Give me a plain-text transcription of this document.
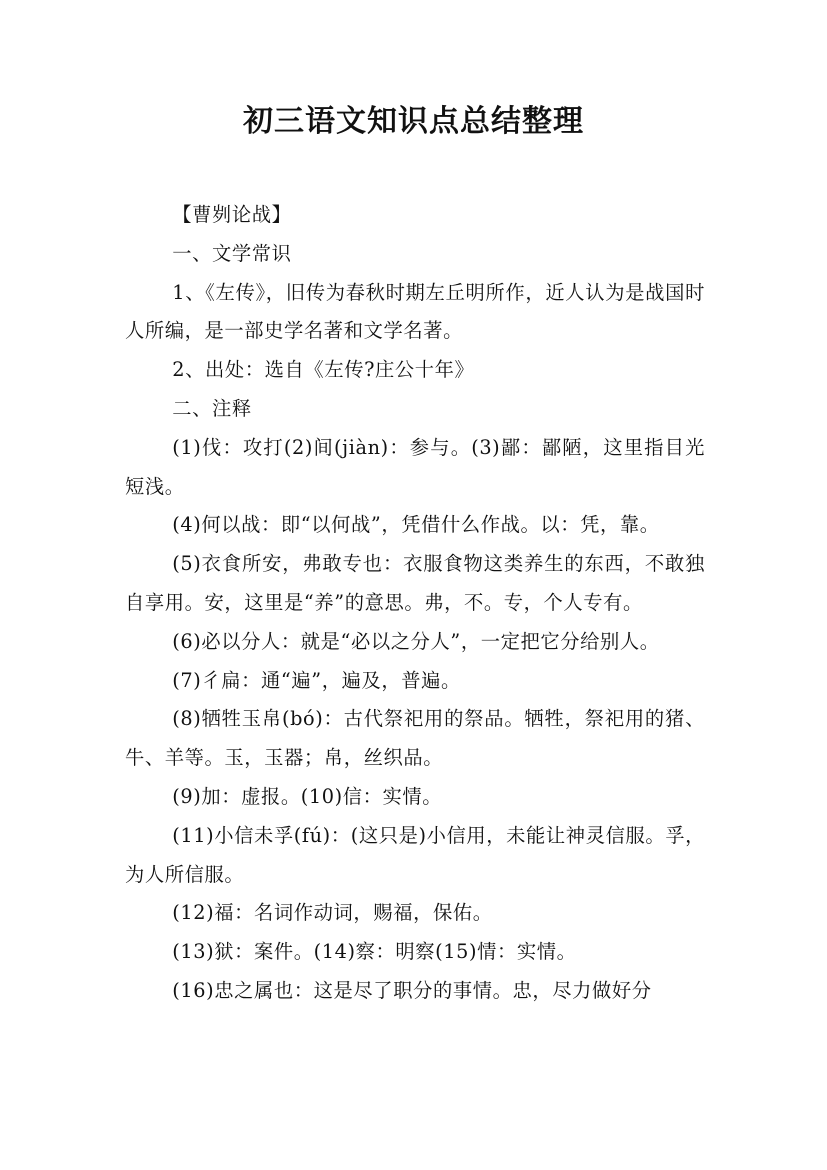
初三语文知识点总结整理

【曹刿论战】

一、文学常识

1、《左传》，旧传为春秋时期左丘明所作，近人认为是战国时人所编，是一部史学名著和文学名著。

2、出处：选自《左传?庄公十年》

二、注释

(1)伐：攻打(2)间(jiàn)：参与。(3)鄙：鄙陋，这里指目光短浅。

(4)何以战：即“以何战”，凭借什么作战。以：凭，靠。

(5)衣食所安，弗敢专也：衣服食物这类养生的东西，不敢独自享用。安，这里是“养”的意思。弗，不。专，个人专有。

(6)必以分人：就是“必以之分人”，一定把它分给别人。

(7)彳扁：通“遍”，遍及，普遍。

(8)牺牲玉帛(bó)：古代祭祀用的祭品。牺牲，祭祀用的猪、牛、羊等。玉，玉器；帛，丝织品。

(9)加：虚报。(10)信：实情。

(11)小信未孚(fú)：(这只是)小信用，未能让神灵信服。孚，为人所信服。

(12)福：名词作动词，赐福，保佑。

(13)狱：案件。(14)察：明察(15)情：实情。

(16)忠之属也：这是尽了职分的事情。忠，尽力做好分
